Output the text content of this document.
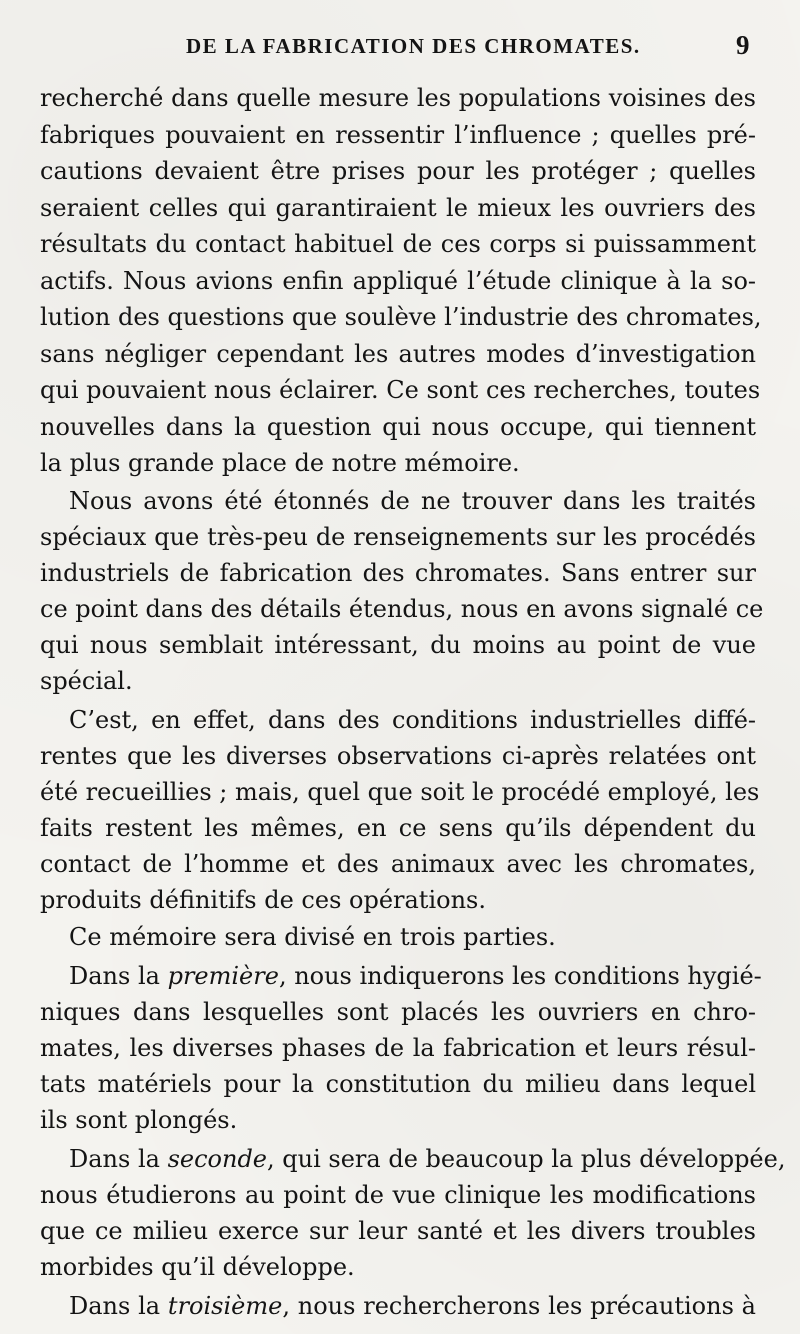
DE LA FABRICATION DES CHROMATES.	9
recherché dans quelle mesure les populations voisines des
fabriques pouvaient en ressentir l’influence ; quelles pré-
cautions devaient être prises pour les protéger ; quelles
seraient celles qui garantiraient le mieux les ouvriers des
résultats du contact habituel de ces corps si puissamment
actifs. Nous avions enfin appliqué l’étude clinique à la so-
lution des questions que soulève l’industrie des chromates,
sans négliger cependant les autres modes d’investigation
qui pouvaient nous éclairer. Ce sont ces recherches, toutes
nouvelles dans la question qui nous occupe, qui tiennent
la plus grande place de notre mémoire.
Nous avons été étonnés de ne trouver dans les traités
spéciaux que très-peu de renseignements sur les procédés
industriels de fabrication des chromates. Sans entrer sur
ce point dans des détails étendus, nous en avons signalé ce
qui nous semblait intéressant, du moins au point de vue
spécial.
C’est, en effet, dans des conditions industrielles diffé-
rentes que les diverses observations ci-après relatées ont
été recueillies ; mais, quel que soit le procédé employé, les
faits restent les mêmes, en ce sens qu’ils dépendent du
contact de l’homme et des animaux avec les chromates,
produits définitifs de ces opérations.
Ce mémoire sera divisé en trois parties.
Dans la première, nous indiquerons les conditions hygié-
niques dans lesquelles sont placés les ouvriers en chro-
mates, les diverses phases de la fabrication et leurs résul-
tats matériels pour la constitution du milieu dans lequel
ils sont plongés.
Dans la seconde, qui sera de beaucoup la plus développée,
nous étudierons au point de vue clinique les modifications
que ce milieu exerce sur leur santé et les divers troubles
morbides qu’il développe.
Dans la troisième, nous rechercherons les précautions à
